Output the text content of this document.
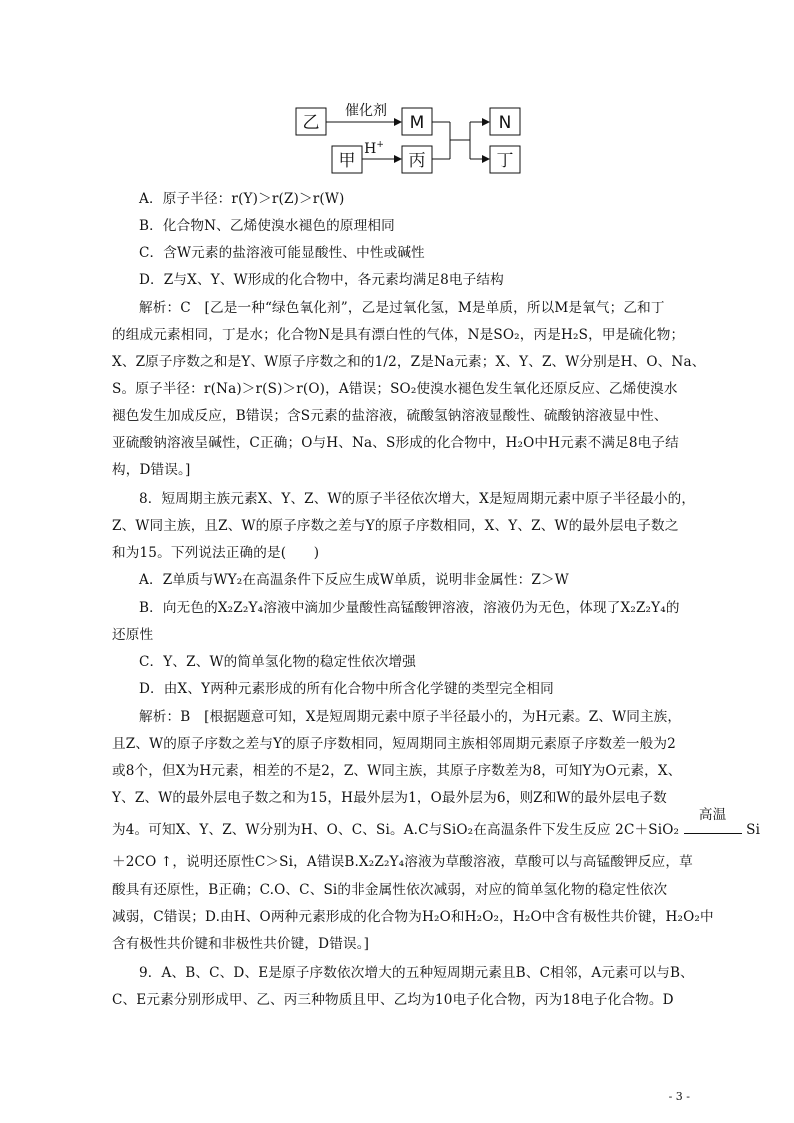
乙	M	N
甲	丙	丁
催化剂
H+
A．原子半径：r(Y)＞r(Z)＞r(W)
B．化合物N、乙烯使溴水褪色的原理相同
C．含W元素的盐溶液可能显酸性、中性或碱性
D．Z与X、Y、W形成的化合物中，各元素均满足8电子结构
解析：C　[乙是一种“绿色氧化剂”，乙是过氧化氢，M是单质，所以M是氧气；乙和丁
的组成元素相同，丁是水；化合物N是具有漂白性的气体，N是SO₂，丙是H₂S，甲是硫化物；
X、Z原子序数之和是Y、W原子序数之和的1/2，Z是Na元素；X、Y、Z、W分别是H、O、Na、
S。原子半径：r(Na)＞r(S)＞r(O)，A错误；SO₂使溴水褪色发生氧化还原反应、乙烯使溴水
褪色发生加成反应，B错误；含S元素的盐溶液，硫酸氢钠溶液显酸性、硫酸钠溶液显中性、
亚硫酸钠溶液呈碱性，C正确；O与H、Na、S形成的化合物中，H₂O中H元素不满足8电子结
构，D错误。]
8．短周期主族元素X、Y、Z、W的原子半径依次增大，X是短周期元素中原子半径最小的，
Z、W同主族，且Z、W的原子序数之差与Y的原子序数相同，X、Y、Z、W的最外层电子数之
和为15。下列说法正确的是(　　)
A．Z单质与WY₂在高温条件下反应生成W单质，说明非金属性：Z＞W
B．向无色的X₂Z₂Y₄溶液中滴加少量酸性高锰酸钾溶液，溶液仍为无色，体现了X₂Z₂Y₄的
还原性
C．Y、Z、W的简单氢化物的稳定性依次增强
D．由X、Y两种元素形成的所有化合物中所含化学键的类型完全相同
解析：B　[根据题意可知，X是短周期元素中原子半径最小的，为H元素。Z、W同主族，
且Z、W的原子序数之差与Y的原子序数相同，短周期同主族相邻周期元素原子序数差一般为2
或8个，但X为H元素，相差的不是2，Z、W同主族，其原子序数差为8，可知Y为O元素，X、
Y、Z、W的最外层电子数之和为15，H最外层为1，O最外层为6，则Z和W的最外层电子数
为4。可知X、Y、Z、W分别为H、O、C、Si。A.C与SiO₂在高温条件下发生反应 2C＋SiO₂
高温
Si
＋2CO ↑，说明还原性C＞Si，A错误B.X₂Z₂Y₄溶液为草酸溶液，草酸可以与高锰酸钾反应，草
酸具有还原性，B正确；C.O、C、Si的非金属性依次减弱，对应的简单氢化物的稳定性依次
减弱，C错误；D.由H、O两种元素形成的化合物为H₂O和H₂O₂，H₂O中含有极性共价键，H₂O₂中
含有极性共价键和非极性共价键，D错误。]
9．A、B、C、D、E是原子序数依次增大的五种短周期元素且B、C相邻，A元素可以与B、
C、E元素分别形成甲、乙、丙三种物质且甲、乙均为10电子化合物，丙为18电子化合物。D
- 3 -
